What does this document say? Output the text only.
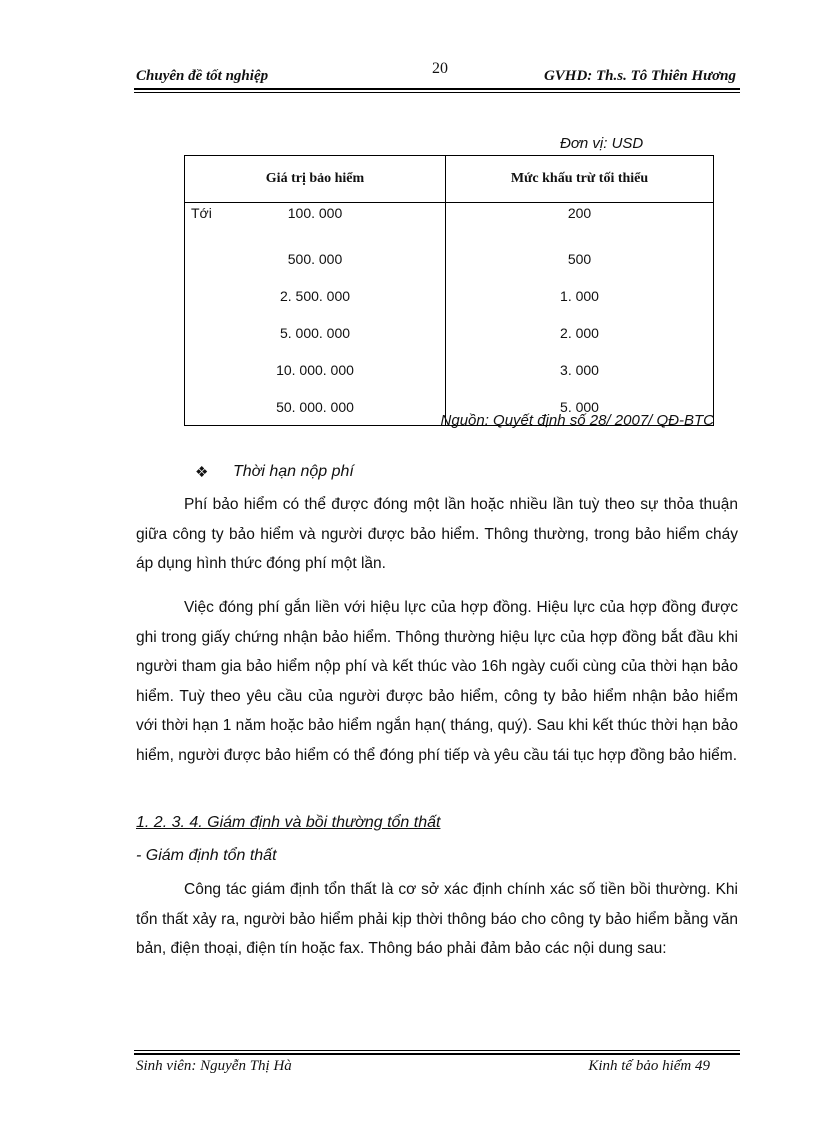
20
Chuyên đề tốt nghiệp	GVHD: Th.s. Tô Thiên Hương
Đơn vị: USD
Giá trị bảo hiểm	Mức khấu trừ tối thiểu

Tới 100. 000	200
500. 000	500
2. 500. 000	1. 000
5. 000. 000	2. 000
10. 000. 000	3. 000
50. 000. 000	5. 000
Nguồn: Quyết định số 28/ 2007/ QĐ-BTC
❖ Thời hạn nộp phí
Phí bảo hiểm có thể được đóng một lần hoặc nhiều lần tuỳ theo sự thỏa thuận giữa công ty bảo hiểm và người được bảo hiểm. Thông thường, trong bảo hiểm cháy áp dụng hình thức đóng phí một lần.
Việc đóng phí gắn liền với hiệu lực của hợp đồng. Hiệu lực của hợp đồng được ghi trong giấy chứng nhận bảo hiểm. Thông thường hiệu lực của hợp đồng bắt đầu khi người tham gia bảo hiểm nộp phí và kết thúc vào 16h ngày cuối cùng của thời hạn bảo hiểm. Tuỳ theo yêu cầu của người được bảo hiểm, công ty bảo hiểm nhận bảo hiểm với thời hạn 1 năm hoặc bảo hiểm ngắn hạn( tháng, quý). Sau khi kết thúc thời hạn bảo hiểm, người được bảo hiểm có thể đóng phí tiếp và yêu cầu tái tục hợp đồng bảo hiểm.
1. 2. 3. 4. Giám định và bồi thường tổn thất
- Giám định tổn thất
Công tác giám định tổn thất là cơ sở xác định chính xác số tiền bồi thường. Khi tổn thất xảy ra, người bảo hiểm phải kịp thời thông báo cho công ty bảo hiểm bằng văn bản, điện thoại, điện tín hoặc fax. Thông báo phải đảm bảo các nội dung sau:
Sinh viên: Nguyễn Thị Hà	Kinh tế bảo hiểm 49
